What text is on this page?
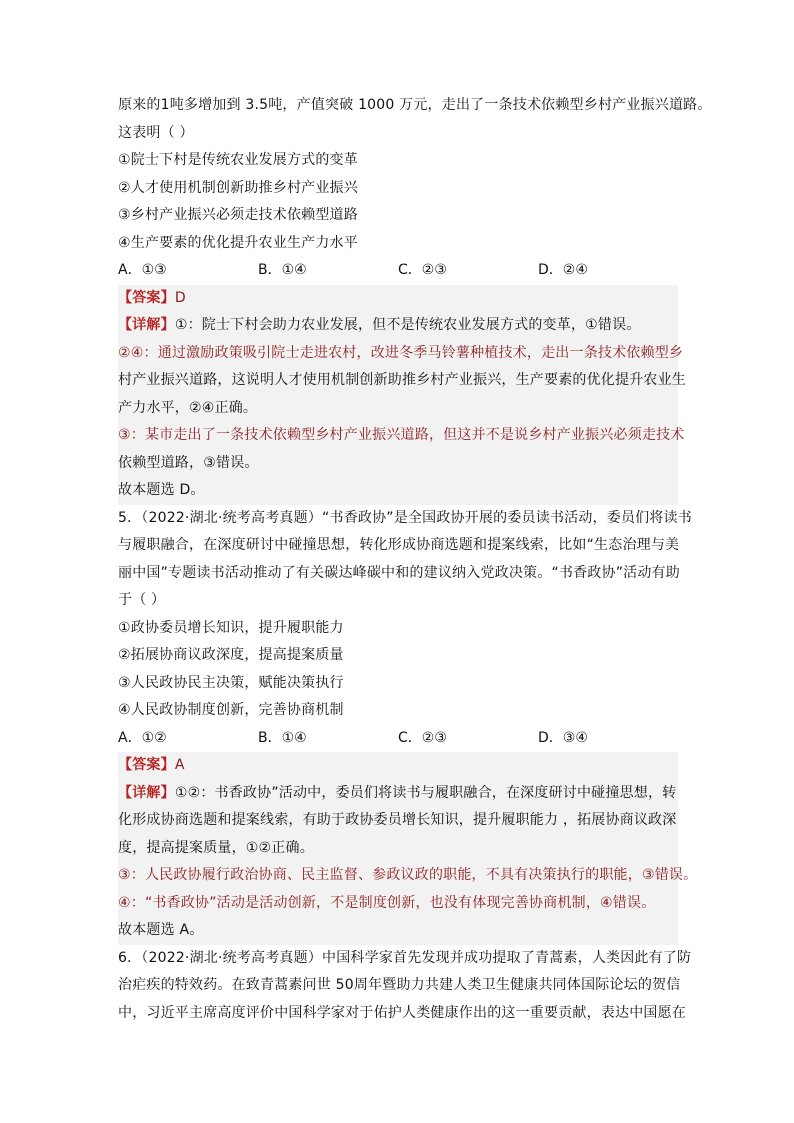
原来的1吨多增加到 3.5吨，产值突破 1000 万元，走出了一条技术依赖型乡村产业振兴道路。
这表明（ ）
①院士下村是传统农业发展方式的变革
②人才使用机制创新助推乡村产业振兴
③乡村产业振兴必须走技术依赖型道路
④生产要素的优化提升农业生产力水平
A．①③	B．①④	C．②③	D．②④
【答案】D
【详解】①：院士下村会助力农业发展，但不是传统农业发展方式的变革，①错误。
②④：通过激励政策吸引院士走进农村，改进冬季马铃薯种植技术，走出一条技术依赖型乡
村产业振兴道路，这说明人才使用机制创新助推乡村产业振兴，生产要素的优化提升农业生
产力水平，②④正确。
③：某市走出了一条技术依赖型乡村产业振兴道路，但这并不是说乡村产业振兴必须走技术
依赖型道路，③错误。
故本题选 D。
5．（2022·湖北·统考高考真题）“书香政协”是全国政协开展的委员读书活动，委员们将读书
与履职融合，在深度研讨中碰撞思想，转化形成协商选题和提案线索，比如“生态治理与美
丽中国”专题读书活动推动了有关碳达峰碳中和的建议纳入党政决策。“书香政协”活动有助
于（ ）
①政协委员增长知识，提升履职能力
②拓展协商议政深度，提高提案质量
③人民政协民主决策，赋能决策执行
④人民政协制度创新，完善协商机制
A．①②	B．①④	C．②③	D．③④
【答案】A
【详解】①②：书香政协”活动中，委员们将读书与履职融合，在深度研讨中碰撞思想，转
化形成协商选题和提案线索，有助于政协委员增长知识，提升履职能力 ，拓展协商议政深
度，提高提案质量，①②正确。
③：人民政协履行政治协商、民主监督、参政议政的职能，不具有决策执行的职能，③错误。
④：“书香政协”活动是活动创新，不是制度创新，也没有体现完善协商机制，④错误。
故本题选 A。
6．（2022·湖北·统考高考真题）中国科学家首先发现并成功提取了青蒿素，人类因此有了防
治疟疾的特效药。在致青蒿素问世 50周年暨助力共建人类卫生健康共同体国际论坛的贺信
中，习近平主席高度评价中国科学家对于佑护人类健康作出的这一重要贡献，表达中国愿在
